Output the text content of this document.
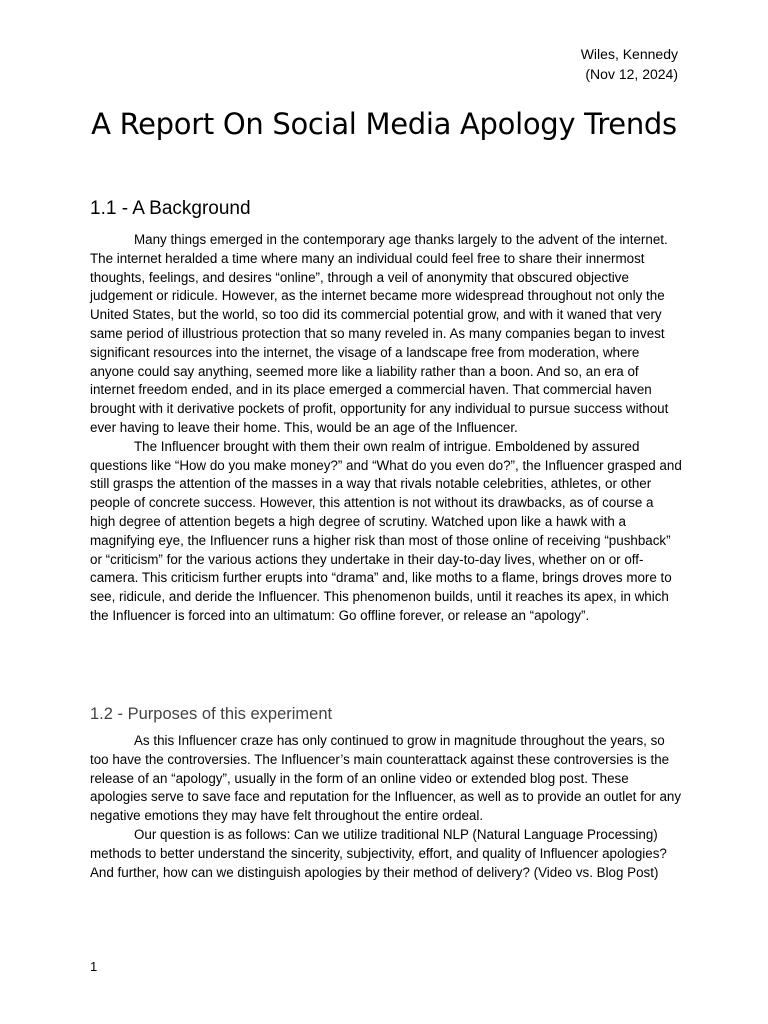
Wiles, Kennedy
(Nov 12, 2024)
A Report On Social Media Apology Trends
1.1 - A Background

Many things emerged in the contemporary age thanks largely to the advent of the internet. The internet heralded a time where many an individual could feel free to share their innermost thoughts, feelings, and desires “online”, through a veil of anonymity that obscured objective judgement or ridicule. However, as the internet became more widespread throughout not only the United States, but the world, so too did its commercial potential grow, and with it waned that very same period of illustrious protection that so many reveled in. As many companies began to invest significant resources into the internet, the visage of a landscape free from moderation, where anyone could say anything, seemed more like a liability rather than a boon. And so, an era of internet freedom ended, and in its place emerged a commercial haven. That commercial haven brought with it derivative pockets of profit, opportunity for any individual to pursue success without ever having to leave their home. This, would be an age of the Influencer.

The Influencer brought with them their own realm of intrigue. Emboldened by assured questions like “How do you make money?” and “What do you even do?”, the Influencer grasped and still grasps the attention of the masses in a way that rivals notable celebrities, athletes, or other people of concrete success. However, this attention is not without its drawbacks, as of course a high degree of attention begets a high degree of scrutiny. Watched upon like a hawk with a magnifying eye, the Influencer runs a higher risk than most of those online of receiving “pushback” or “criticism” for the various actions they undertake in their day-to-day lives, whether on or off-camera. This criticism further erupts into “drama” and, like moths to a flame, brings droves more to see, ridicule, and deride the Influencer. This phenomenon builds, until it reaches its apex, in which the Influencer is forced into an ultimatum: Go offline forever, or release an “apology”.

1.2 - Purposes of this experiment

As this Influencer craze has only continued to grow in magnitude throughout the years, so too have the controversies. The Influencer’s main counterattack against these controversies is the release of an “apology”, usually in the form of an online video or extended blog post. These apologies serve to save face and reputation for the Influencer, as well as to provide an outlet for any negative emotions they may have felt throughout the entire ordeal.

Our question is as follows: Can we utilize traditional NLP (Natural Language Processing) methods to better understand the sincerity, subjectivity, effort, and quality of Influencer apologies? And further, how can we distinguish apologies by their method of delivery? (Video vs. Blog Post)

1
